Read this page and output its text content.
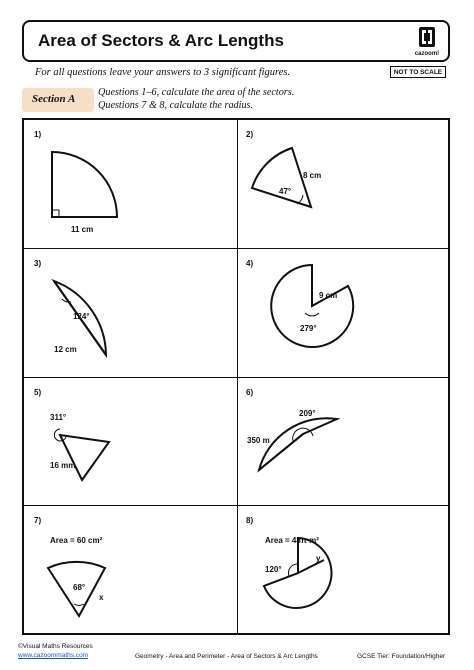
Area of Sectors & Arc Lengths
cazoom!
For all questions leave your answers to 3 significant figures.	NOT TO SCALE
Section A
Questions 1–6, calculate the area of the sectors.
Questions 7 & 8, calculate the radius.
1)	2)
3)	4)
5)	6)
7)	8)
11 cm
47°
8 cm
124°
12 cm
9 cm
279°
311°
16 mm
209°
350 m
Area = 60 cm²
68°
x
Area = 48π m²
120°
y
©Visual Maths Resources
www.cazoommaths.com	Geometry - Area and Perimeter - Area of Sectors & Arc Lengths	GCSE Tier: Foundation/Higher
